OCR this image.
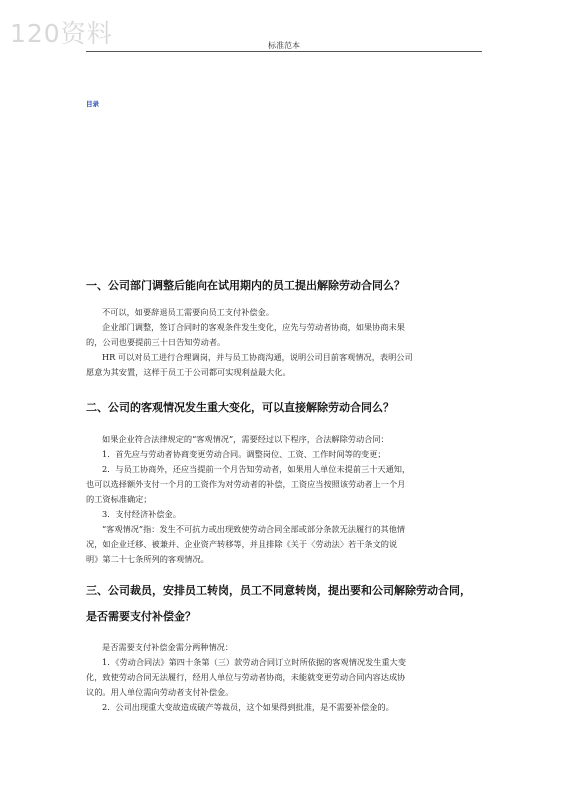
120资料	标准范本
目录
一、公司部门调整后能向在试用期内的员工提出解除劳动合同么？
不可以，如要辞退员工需要向员工支付补偿金。
企业部门调整，签订合同时的客观条件发生变化，应先与劳动者协商，如果协商未果
的，公司也要提前三十日告知劳动者。
HR 可以对员工进行合理调岗，并与员工协商沟通，说明公司目前客观情况，表明公司
愿意为其安置，这样于员工于公司都可实现利益最大化。
二、公司的客观情况发生重大变化，可以直接解除劳动合同么？
如果企业符合法律规定的“客观情况”，需要经过以下程序，合法解除劳动合同：
1．首先应与劳动者协商变更劳动合同。调整岗位、工资、工作时间等的变更；
2．与员工协商外，还应当提前一个月告知劳动者，如果用人单位未提前三十天通知，
也可以选择额外支付一个月的工资作为对劳动者的补偿，工资应当按照该劳动者上一个月
的工资标准确定；
3．支付经济补偿金。
“客观情况”指：发生不可抗力或出现致使劳动合同全部或部分条款无法履行的其他情
况，如企业迁移、被兼并、企业资产转移等，并且排除《关于〈劳动法〉若干条文的说
明》第二十七条所列的客观情况。
三、公司裁员，安排员工转岗，员工不同意转岗，提出要和公司解除劳动合同，
是否需要支付补偿金？
是否需要支付补偿金需分两种情况：
1．《劳动合同法》第四十条第（三）款劳动合同订立时所依据的客观情况发生重大变
化，致使劳动合同无法履行，经用人单位与劳动者协商，未能就变更劳动合同内容达成协
议的。用人单位需向劳动者支付补偿金。
2．公司出现重大变故造成破产等裁员，这个如果得到批准，是不需要补偿金的。
